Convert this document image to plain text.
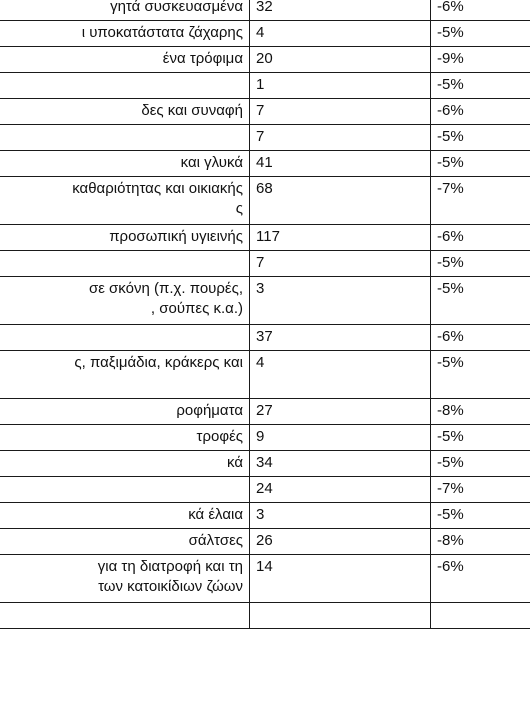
γητά συσκευασμένα	32	-6%

ι υποκατάστατα ζάχαρης	4	-5%

ένα τρόφιμα	20	-9%

	1	-5%

δες και συναφή	7	-6%

	7	-5%

και γλυκά	41	-5%

καθαριότητας και οικιακής
ς	68	-7%

προσωπική υγιεινής	117	-6%

	7	-5%

σε σκόνη (π.χ. πουρές,
, σούπες κ.α.)	3	-5%

	37	-6%

ς, παξιμάδια, κράκερς και	4	-5%

ροφήματα	27	-8%

τροφές	9	-5%

κά	34	-5%

	24	-7%

κά έλαια	3	-5%

σάλτσες	26	-8%

για τη διατροφή και τη
των κατοικίδιων ζώων	14	-6%
